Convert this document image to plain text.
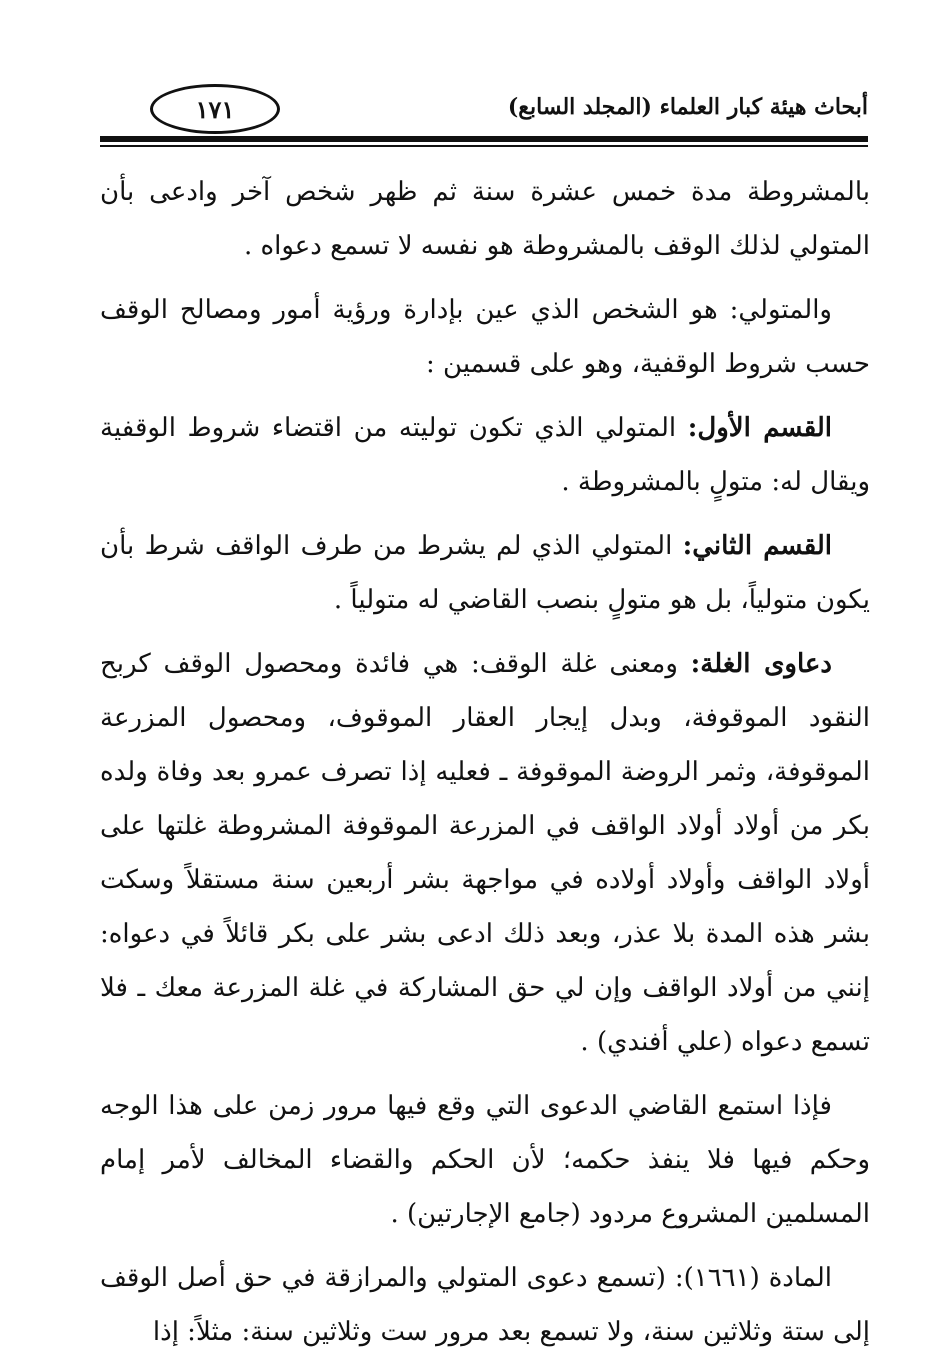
١٧١	أبحاث هيئة كبار العلماء (المجلد السابع)

بالمشروطة مدة خمس عشرة سنة ثم ظهر شخص آخر وادعى بأن المتولي لذلك الوقف بالمشروطة هو نفسه لا تسمع دعواه .

والمتولي: هو الشخص الذي عين بإدارة ورؤية أمور ومصالح الوقف حسب شروط الوقفية، وهو على قسمين :

القسم الأول: المتولي الذي تكون توليته من اقتضاء شروط الوقفية ويقال له: متولٍ بالمشروطة .

القسم الثاني: المتولي الذي لم يشرط من طرف الواقف شرط بأن يكون متولياً، بل هو متولٍ بنصب القاضي له متولياً .

دعاوى الغلة: ومعنى غلة الوقف: هي فائدة ومحصول الوقف كربح النقود الموقوفة، وبدل إيجار العقار الموقوف، ومحصول المزرعة الموقوفة، وثمر الروضة الموقوفة ـ فعليه إذا تصرف عمرو بعد وفاة ولده بكر من أولاد أولاد الواقف في المزرعة الموقوفة المشروطة غلتها على أولاد الواقف وأولاد أولاده في مواجهة بشر أربعين سنة مستقلاً وسكت بشر هذه المدة بلا عذر، وبعد ذلك ادعى بشر على بكر قائلاً في دعواه: إنني من أولاد الواقف وإن لي حق المشاركة في غلة المزرعة معك ـ فلا تسمع دعواه (علي أفندي) .

فإذا استمع القاضي الدعوى التي وقع فيها مرور زمن على هذا الوجه وحكم فيها فلا ينفذ حكمه؛ لأن الحكم والقضاء المخالف لأمر إمام المسلمين المشروع مردود (جامع الإجارتين) .

المادة (١٦٦١): (تسمع دعوى المتولي والمرازقة في حق أصل الوقف إلى ستة وثلاثين سنة، ولا تسمع بعد مرور ست وثلاثين سنة: مثلاً: إذا
